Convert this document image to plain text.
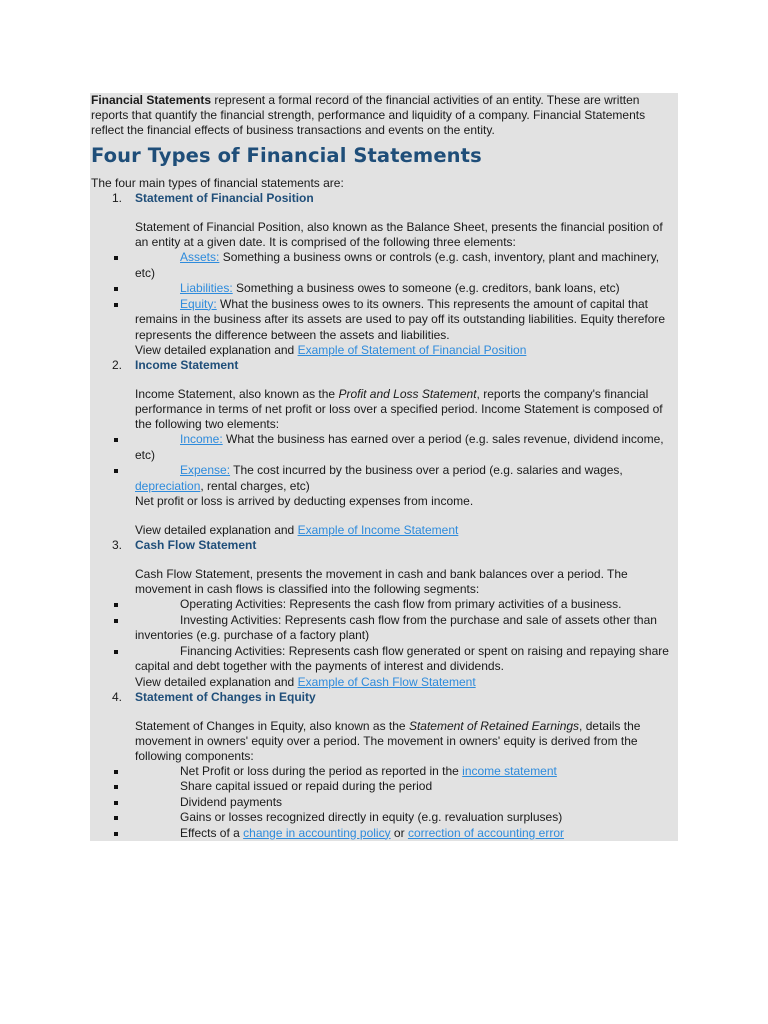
Financial Statements represent a formal record of the financial activities of an entity. These are written reports that quantify the financial strength, performance and liquidity of a company. Financial Statements reflect the financial effects of business transactions and events on the entity.
Four Types of Financial Statements
The four main types of financial statements are:
1. Statement of Financial Position
Statement of Financial Position, also known as the Balance Sheet, presents the financial position of an entity at a given date. It is comprised of the following three elements:
Assets: Something a business owns or controls (e.g. cash, inventory, plant and machinery, etc)
Liabilities: Something a business owes to someone (e.g. creditors, bank loans, etc)
Equity: What the business owes to its owners. This represents the amount of capital that remains in the business after its assets are used to pay off its outstanding liabilities. Equity therefore represents the difference between the assets and liabilities.
View detailed explanation and Example of Statement of Financial Position
2. Income Statement
Income Statement, also known as the Profit and Loss Statement, reports the company's financial performance in terms of net profit or loss over a specified period. Income Statement is composed of the following two elements:
Income: What the business has earned over a period (e.g. sales revenue, dividend income, etc)
Expense: The cost incurred by the business over a period (e.g. salaries and wages, depreciation, rental charges, etc)
Net profit or loss is arrived by deducting expenses from income.
View detailed explanation and Example of Income Statement
3. Cash Flow Statement
Cash Flow Statement, presents the movement in cash and bank balances over a period. The movement in cash flows is classified into the following segments:
Operating Activities: Represents the cash flow from primary activities of a business.
Investing Activities: Represents cash flow from the purchase and sale of assets other than inventories (e.g. purchase of a factory plant)
Financing Activities: Represents cash flow generated or spent on raising and repaying share capital and debt together with the payments of interest and dividends.
View detailed explanation and Example of Cash Flow Statement
4. Statement of Changes in Equity
Statement of Changes in Equity, also known as the Statement of Retained Earnings, details the movement in owners' equity over a period. The movement in owners' equity is derived from the following components:
Net Profit or loss during the period as reported in the income statement
Share capital issued or repaid during the period
Dividend payments
Gains or losses recognized directly in equity (e.g. revaluation surpluses)
Effects of a change in accounting policy or correction of accounting error
